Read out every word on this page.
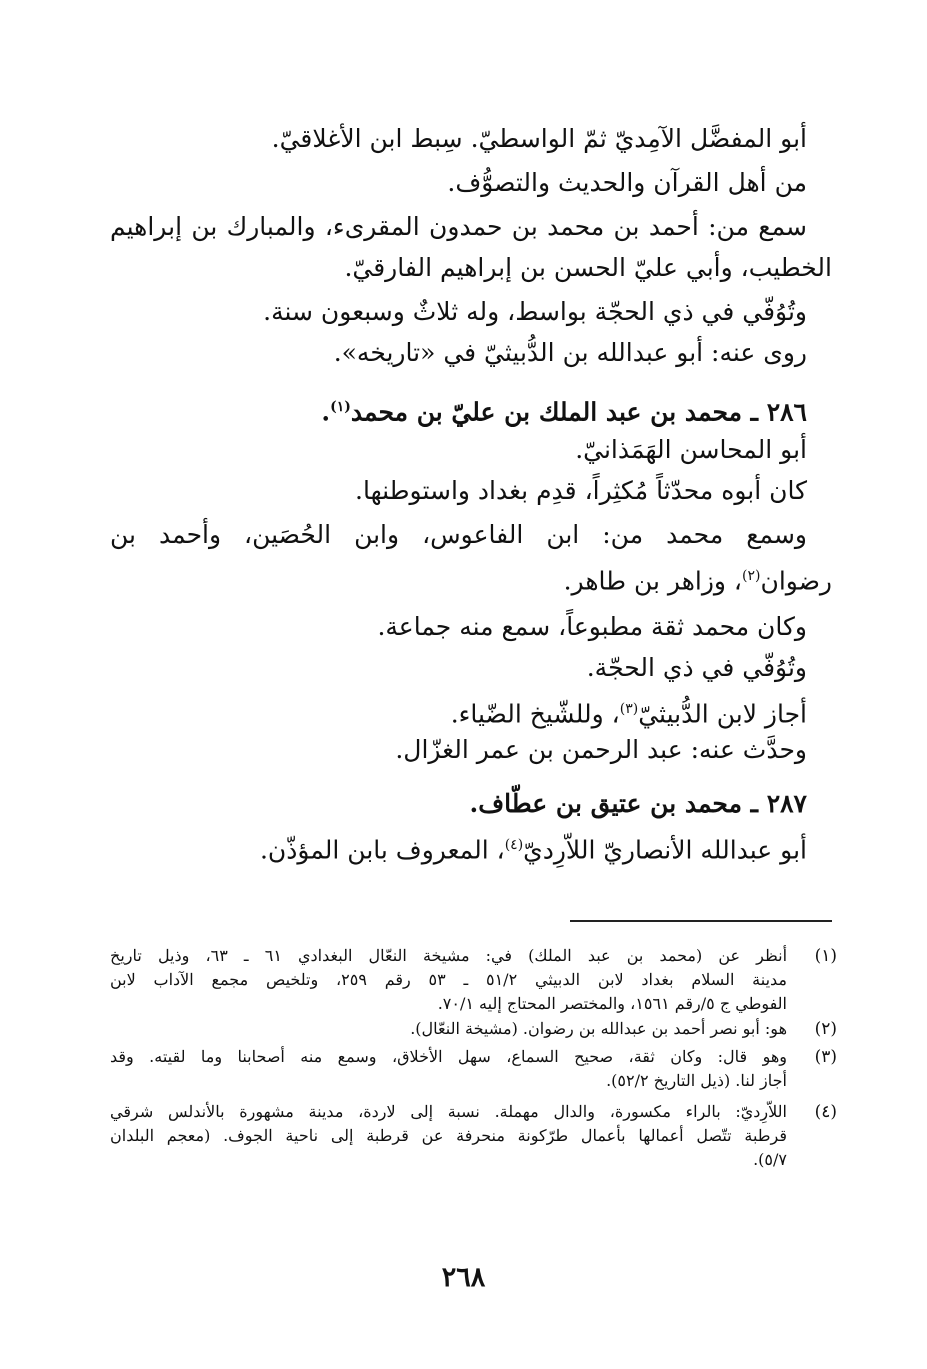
أبو المفضَّل الآمِديّ ثمّ الواسطيّ. سِبط ابن الأغلاقيّ.
من أهل القرآن والحديث والتصوُّف.
سمع من: أحمد بن محمد بن حمدون المقرىء، والمبارك بن إبراهيم
الخطيب، وأبي عليّ الحسن بن إبراهيم الفارقيّ.
وتُوُفّي في ذي الحجّة بواسط، وله ثلاثٌ وسبعون سنة.
روى عنه: أبو عبدالله بن الدُّبيثيّ في «تاريخه».
٢٨٦ ـ محمد بن عبد الملك بن عليّ بن محمد$^{(١)}$.
أبو المحاسن الهَمَذانيّ.
كان أبوه محدّثاً مُكثِراً، قدِم بغداد واستوطنها.
وسمع محمد من: ابن الفاعوس، وابن الحُصَين، وأحمد بن
رضوان$^{(٢)}$، وزاهر بن طاهر.
وكان محمد ثقة مطبوعاً، سمع منه جماعة.
وتُوُفّي في ذي الحجّة.
أجاز لابن الدُّبيثيّ$^{(٣)}$، وللشّيخ الضّياء.
وحدَّث عنه: عبد الرحمن بن عمر الغزّال.
٢٨٧ ـ محمد بن عتيق بن عطّاف.
أبو عبدالله الأنصاريّ اللاّرِديّ$^{(٤)}$، المعروف بابن المؤذّن.
(١)
أنظر عن (محمد بن عبد الملك) في: مشيخة النعّال البغدادي ٦١ ـ ٦٣، وذيل تاريخ
مدينة السلام بغداد لابن الدبيثي ٥١/٢ ـ ٥٣ رقم ٢٥٩، وتلخيص مجمع الآداب لابن
الفوطي ج ٥/رقم ١٥٦١، والمختصر المحتاج إليه ٧٠/١.
(٢)
هو: أبو نصر أحمد بن عبدالله بن رضوان. (مشيخة النعّال).
(٣)
وهو قال: وكان ثقة، صحيح السماع، سهل الأخلاق، وسمع منه أصحابنا وما لقيته. وقد
أجاز لنا. (ذيل التاريخ ٥٢/٢).
(٤)
اللاّرِديّ: بالراء مكسورة، والدال مهملة. نسبة إلى لاردة، مدينة مشهورة بالأندلس شرقي
قرطبة تتّصل أعمالها بأعمال طرّكونة منحرفة عن قرطبة إلى ناحية الجوف. (معجم البلدان
٥/٧).
٢٦٨
